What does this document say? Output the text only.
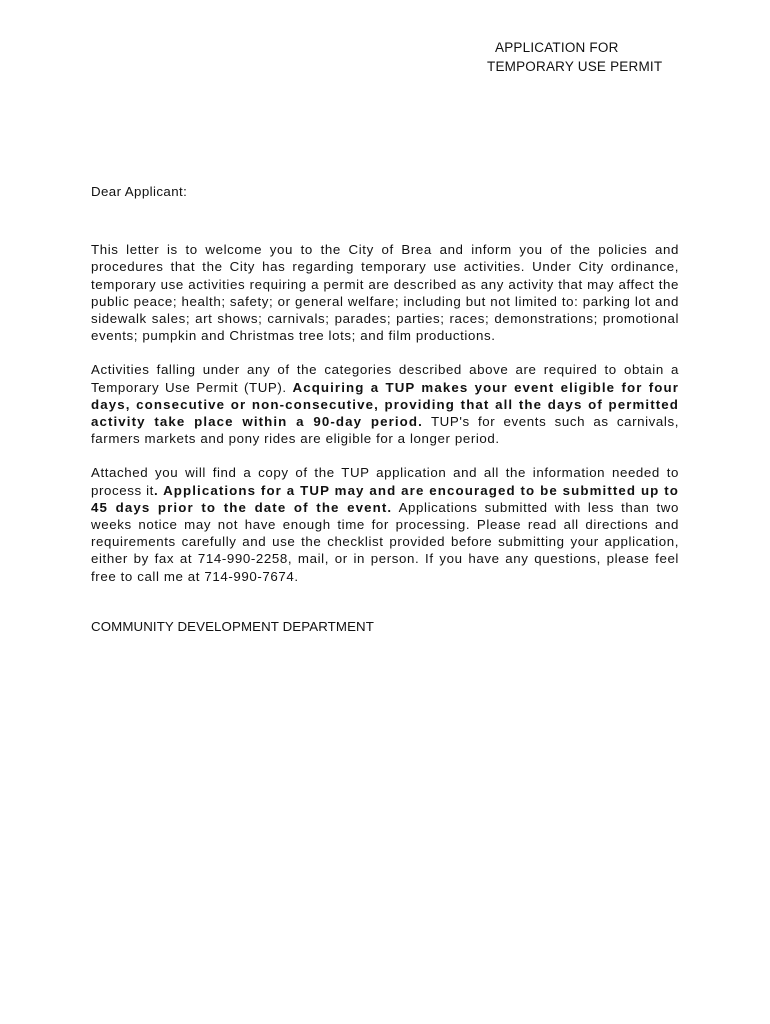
APPLICATION FOR
TEMPORARY USE PERMIT

Dear Applicant:

This letter is to welcome you to the City of Brea and inform you of the policies and procedures that the City has regarding temporary use activities. Under City ordinance, temporary use activities requiring a permit are described as any activity that may affect the public peace; health; safety; or general welfare; including but not limited to: parking lot and sidewalk sales; art shows; carnivals; parades; parties; races; demonstrations; promotional events; pumpkin and Christmas tree lots; and film productions.

Activities falling under any of the categories described above are required to obtain a Temporary Use Permit (TUP). Acquiring a TUP makes your event eligible for four days, consecutive or non-consecutive, providing that all the days of permitted activity take place within a 90-day period. TUP's for events such as carnivals, farmers markets and pony rides are eligible for a longer period.

Attached you will find a copy of the TUP application and all the information needed to process it. Applications for a TUP may and are encouraged to be submitted up to 45 days prior to the date of the event. Applications submitted with less than two weeks notice may not have enough time for processing. Please read all directions and requirements carefully and use the checklist provided before submitting your application, either by fax at 714-990-2258, mail, or in person. If you have any questions, please feel free to call me at 714-990-7674.

COMMUNITY DEVELOPMENT DEPARTMENT
